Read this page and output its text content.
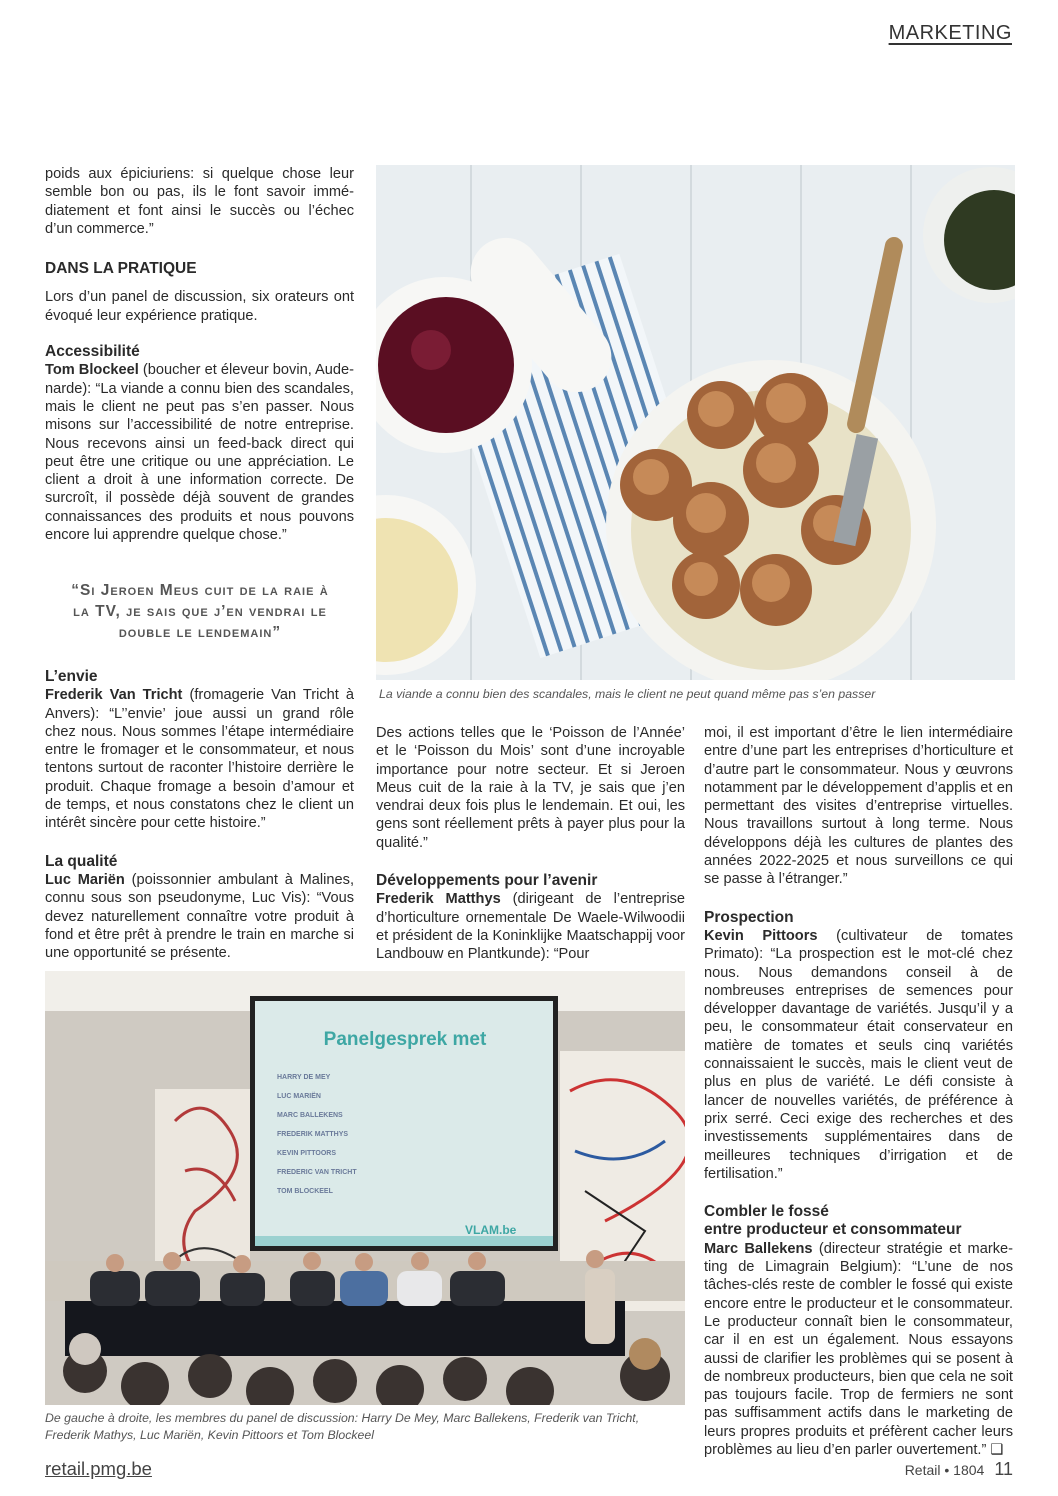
MARKETING

poids aux épiciuriens: si quelque chose leur semble bon ou pas, ils le font savoir immédiatement et font ainsi le succès ou l’échec d’un commerce.”

DANS LA PRATIQUE

Lors d’un panel de discussion, six orateurs ont évoqué leur expérience pratique.

Accessibilité

Tom Blockeel (boucher et éleveur bovin, Audenarde): “La viande a connu bien des scandales, mais le client ne peut pas s’en passer. Nous misons sur l’accessibilité de notre entreprise. Nous recevons ainsi un feed-back direct qui peut être une critique ou une appréciation. Le client a droit à une information correcte. De surcroît, il possède déjà souvent de grandes connaissances des produits et nous pouvons encore lui apprendre quelque chose.”

“Si Jeroen Meus cuit de la raie à la TV, je sais que j’en vendrai le double le lendemain”

L’envie

Frederik Van Tricht (fromagerie Van Tricht à Anvers): “L’’envie’ joue aussi un grand rôle chez nous. Nous sommes l’étape intermédiaire entre le fromager et le consommateur, et nous tentons surtout de raconter l’histoire derrière le produit. Chaque fromage a besoin d’amour et de temps, et nous constatons chez le client un intérêt sincère pour cette histoire.”

La qualité

Luc Mariën (poissonnier ambulant à Malines, connu sous son pseudonyme, Luc Vis): “Vous devez naturellement connaître votre produit à fond et être prêt à prendre le train en marche si une opportunité se présente.

La viande a connu bien des scandales, mais le client ne peut quand même pas s’en passer

Des actions telles que le ‘Poisson de l’Année’ et le ‘Poisson du Mois’ sont d’une incroyable importance pour notre secteur. Et si Jeroen Meus cuit de la raie à la TV, je sais que j’en vendrai deux fois plus le lendemain. Et oui, les gens sont réellement prêts à payer plus pour la qualité.”

Développements pour l’avenir

Frederik Matthys (dirigeant de l’entreprise d’horticulture ornementale De Waele-Wilwoodii et président de la Koninklijke Maatschappij voor Landbouw en Plantkunde): “Pour

moi, il est important d’être le lien intermédiaire entre d’une part les entreprises d’horticulture et d’autre part le consommateur. Nous y œuvrons notamment par le développement d’applis et en permettant des visites d’entreprise virtuelles. Nous travaillons surtout à long terme. Nous développons déjà les cultures de plantes des années 2022-2025 et nous surveillons ce qui se passe à l’étranger.”

Prospection

Kevin Pittoors (cultivateur de tomates Primato): “La prospection est le mot-clé chez nous. Nous demandons conseil à de nombreuses entreprises de semences pour développer davantage de variétés. Jusqu’il y a peu, le consommateur était conservateur en matière de tomates et seuls cinq variétés connaissaient le succès, mais le client veut de plus en plus de variété. Le défi consiste à lancer de nouvelles variétés, de préférence à prix serré. Ceci exige des recherches et des investissements supplémentaires dans de meilleures techniques d’irrigation et de fertilisation.”

Combler le fossé

entre producteur et consommateur

Marc Ballekens (directeur stratégie et marketing de Limagrain Belgium): “L’une de nos tâches-clés reste de combler le fossé qui existe encore entre le producteur et le consommateur. Le producteur connaît bien le consommateur, car il en est un également. Nous essayons aussi de clarifier les problèmes qui se posent à de nombreux producteurs, bien que cela ne soit pas toujours facile. Trop de fermiers ne sont pas suffisamment actifs dans le marketing de leurs propres produits et préfèrent cacher leurs problèmes au lieu d’en parler ouvertement.” ❑

Panelgesprek met
HARRY DE MEY
LUC MARIËN
MARC BALLEKENS
FREDERIK MATTHYS
KEVIN PITTOORS
FREDERIC VAN TRICHT
TOM BLOCKEEL
VLAM.be
De gauche à droite, les membres du panel de discussion: Harry De Mey, Marc Ballekens, Frederik van Tricht, Frederik Mathys, Luc Mariën, Kevin Pittoors et Tom Blockeel
retail.pmg.be	Retail • 1804 11
